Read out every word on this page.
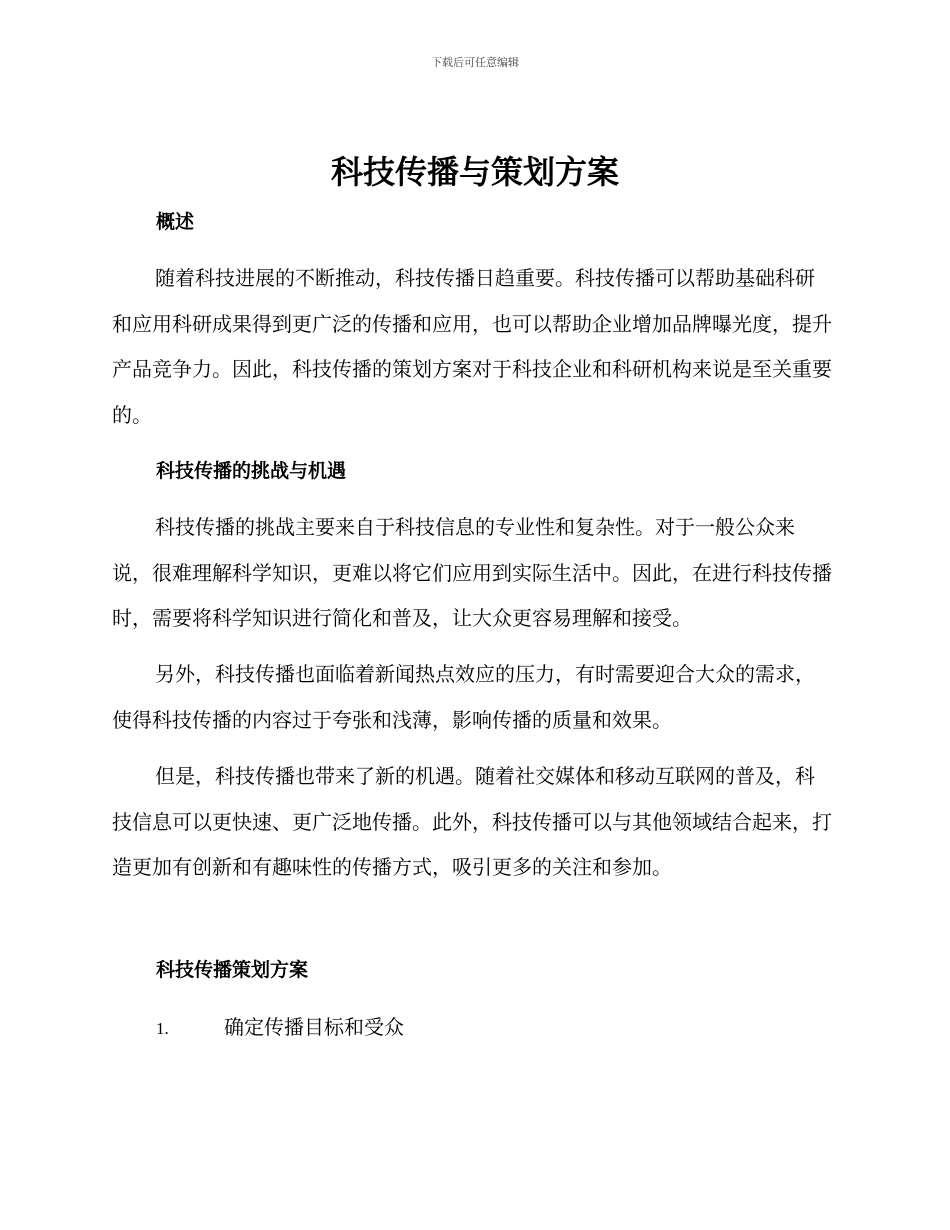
下载后可任意编辑
科技传播与策划方案
概述

随着科技进展的不断推动，科技传播日趋重要。科技传播可以帮助基础科研和应用科研成果得到更广泛的传播和应用，也可以帮助企业增加品牌曝光度，提升产品竞争力。因此，科技传播的策划方案对于科技企业和科研机构来说是至关重要的。

科技传播的挑战与机遇

科技传播的挑战主要来自于科技信息的专业性和复杂性。对于一般公众来说，很难理解科学知识，更难以将它们应用到实际生活中。因此，在进行科技传播时，需要将科学知识进行简化和普及，让大众更容易理解和接受。

另外，科技传播也面临着新闻热点效应的压力，有时需要迎合大众的需求，使得科技传播的内容过于夸张和浅薄，影响传播的质量和效果。

但是，科技传播也带来了新的机遇。随着社交媒体和移动互联网的普及，科技信息可以更快速、更广泛地传播。此外，科技传播可以与其他领域结合起来，打造更加有创新和有趣味性的传播方式，吸引更多的关注和参加。

科技传播策划方案
1.	确定传播目标和受众
